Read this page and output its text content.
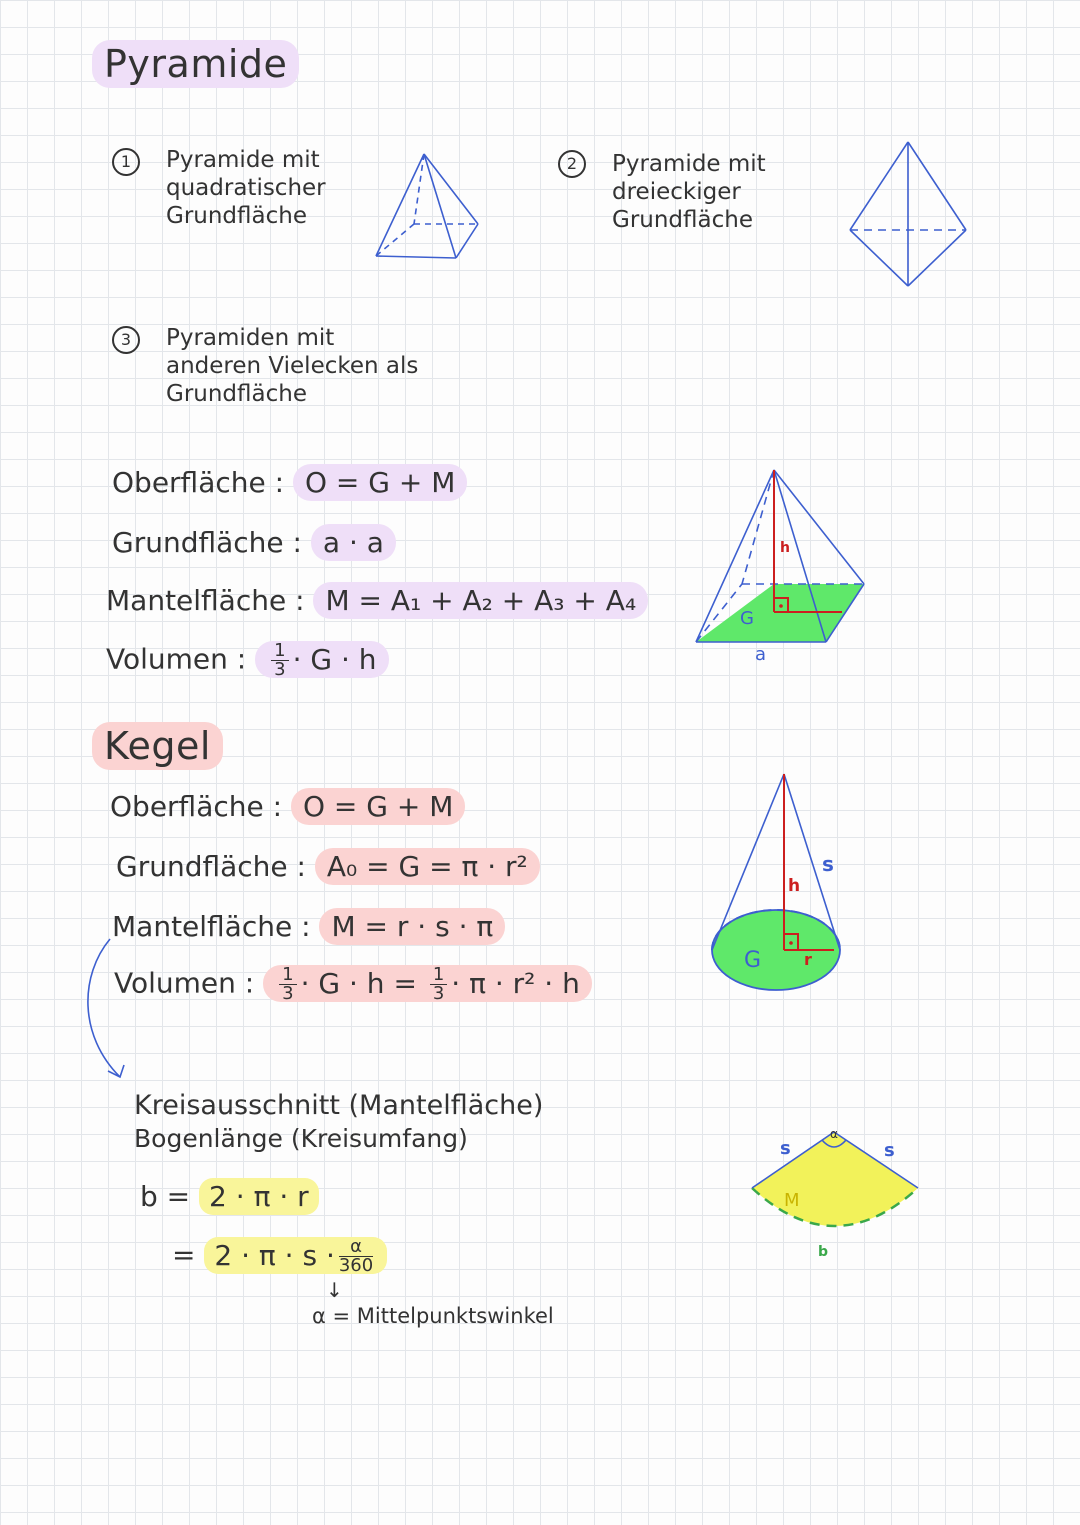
Pyramide
1	Pyramide mit quadratischer Grundfläche
2	Pyramide mit dreieckiger Grundfläche
3	Pyramiden mit anderen Vielecken als Grundfläche
Oberfläche : O = G + M
Grundfläche : a · a
Mantelfläche : M = A₁ + A₂ + A₃ + A₄
Volumen : $\frac{1}{3} \cdot G \cdot h$
h
G
a
Kegel
Oberfläche : O = G + M
Grundfläche : A₀ = G = π · r²
Mantelfläche : M = r · s · π
Volumen : $\frac{1}{3} \cdot G \cdot h = \frac{1}{3} \cdot \pi \cdot r^2 \cdot h$
h
s
G	r
Kreisausschnitt (Mantelfläche)
Bogenlänge (Kreisumfang)
b = 2 · π · r
= $2 \cdot \pi \cdot s \cdot \frac{\alpha}{360}$
↓
α = Mittelpunktswinkel
s	s
α
M
b
